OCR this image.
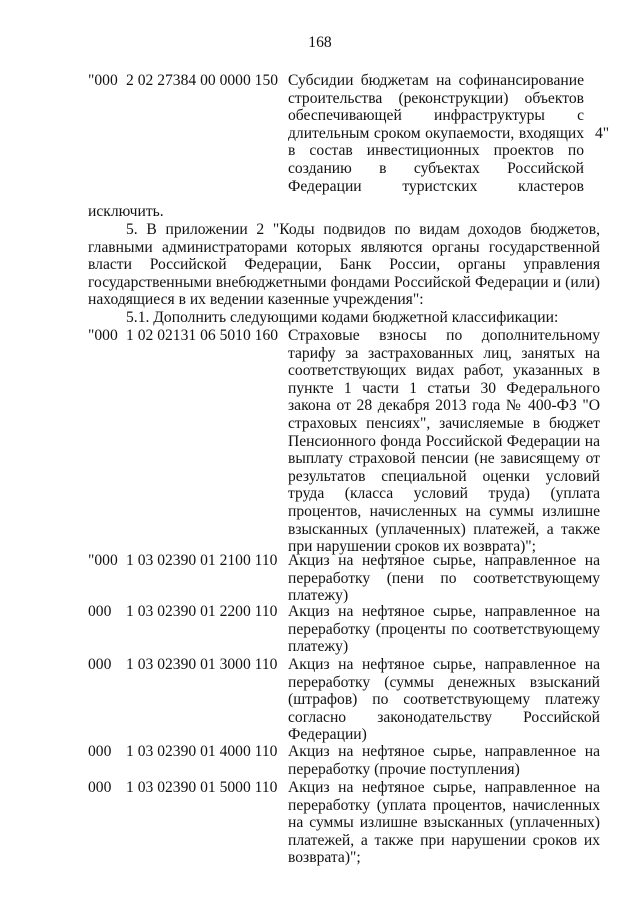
168
"000 2 02 27384 00 0000 150 Субсидии бюджетам на софинансирование строительства (реконструкции) объектов обеспечивающей инфраструктуры с длительным сроком окупаемости, входящих в состав инвестиционных проектов по созданию в субъектах Российской Федерации туристских кластеров
4"
исключить.
5. В приложении 2 "Коды подвидов по видам доходов бюджетов, главными администраторами которых являются органы государственной власти Российской Федерации, Банк России, органы управления государственными внебюджетными фондами Российской Федерации и (или) находящиеся в их ведении казенные учреждения":
5.1. Дополнить следующими кодами бюджетной классификации:
"000 1 02 02131 06 5010 160 Страховые взносы по дополнительному тарифу за застрахованных лиц, занятых на соответствующих видах работ, указанных в пункте 1 части 1 статьи 30 Федерального закона от 28 декабря 2013 года № 400-ФЗ "О страховых пенсиях", зачисляемые в бюджет Пенсионного фонда Российской Федерации на выплату страховой пенсии (не зависящему от результатов специальной оценки условий труда (класса условий труда) (уплата процентов, начисленных на суммы излишне взысканных (уплаченных) платежей, а также при нарушении сроков их возврата)";
"000 1 03 02390 01 2100 110 Акциз на нефтяное сырье, направленное на переработку (пени по соответствующему платежу)
000 1 03 02390 01 2200 110 Акциз на нефтяное сырье, направленное на переработку (проценты по соответствующему платежу)
000 1 03 02390 01 3000 110 Акциз на нефтяное сырье, направленное на переработку (суммы денежных взысканий (штрафов) по соответствующему платежу согласно законодательству Российской Федерации)
000 1 03 02390 01 4000 110 Акциз на нефтяное сырье, направленное на переработку (прочие поступления)
000 1 03 02390 01 5000 110 Акциз на нефтяное сырье, направленное на переработку (уплата процентов, начисленных на суммы излишне взысканных (уплаченных) платежей, а также при нарушении сроков их возврата)";
